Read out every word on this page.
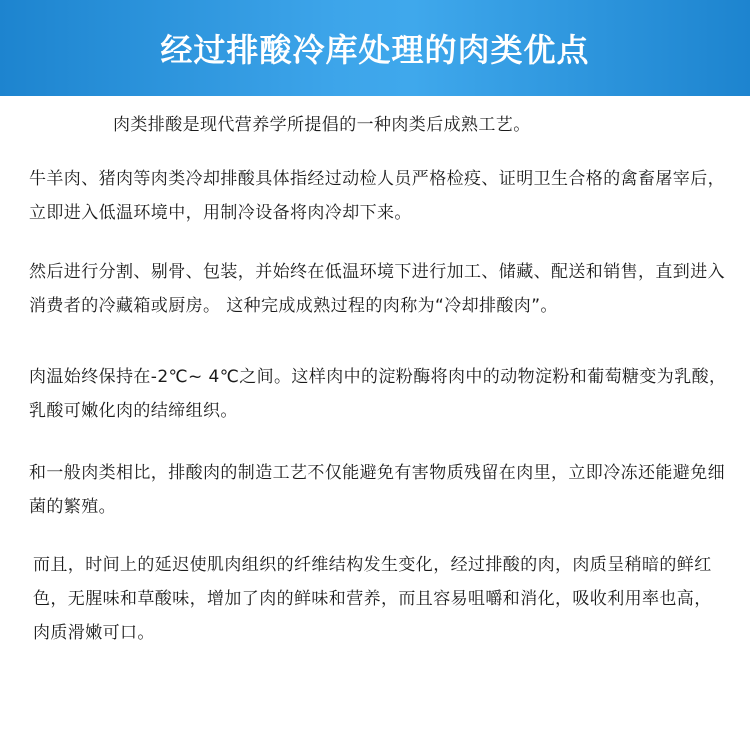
经过排酸冷库处理的肉类优点

肉类排酸是现代营养学所提倡的一种肉类后成熟工艺。

牛羊肉、猪肉等肉类冷却排酸具体指经过动检人员严格检疫、证明卫生合格的禽畜屠宰后，立即进入低温环境中，用制冷设备将肉冷却下来。

然后进行分割、剔骨、包装，并始终在低温环境下进行加工、储藏、配送和销售，直到进入消费者的冷藏箱或厨房。 这种完成成熟过程的肉称为“冷却排酸肉”。

肉温始终保持在-2℃~ 4℃之间。这样肉中的淀粉酶将肉中的动物淀粉和葡萄糖变为乳酸，乳酸可嫩化肉的结缔组织。

和一般肉类相比，排酸肉的制造工艺不仅能避免有害物质残留在肉里，立即冷冻还能避免细菌的繁殖。

而且，时间上的延迟使肌肉组织的纤维结构发生变化，经过排酸的肉，肉质呈稍暗的鲜红色，无腥味和草酸味，增加了肉的鲜味和营养，而且容易咀嚼和消化，吸收利用率也高，肉质滑嫩可口。
